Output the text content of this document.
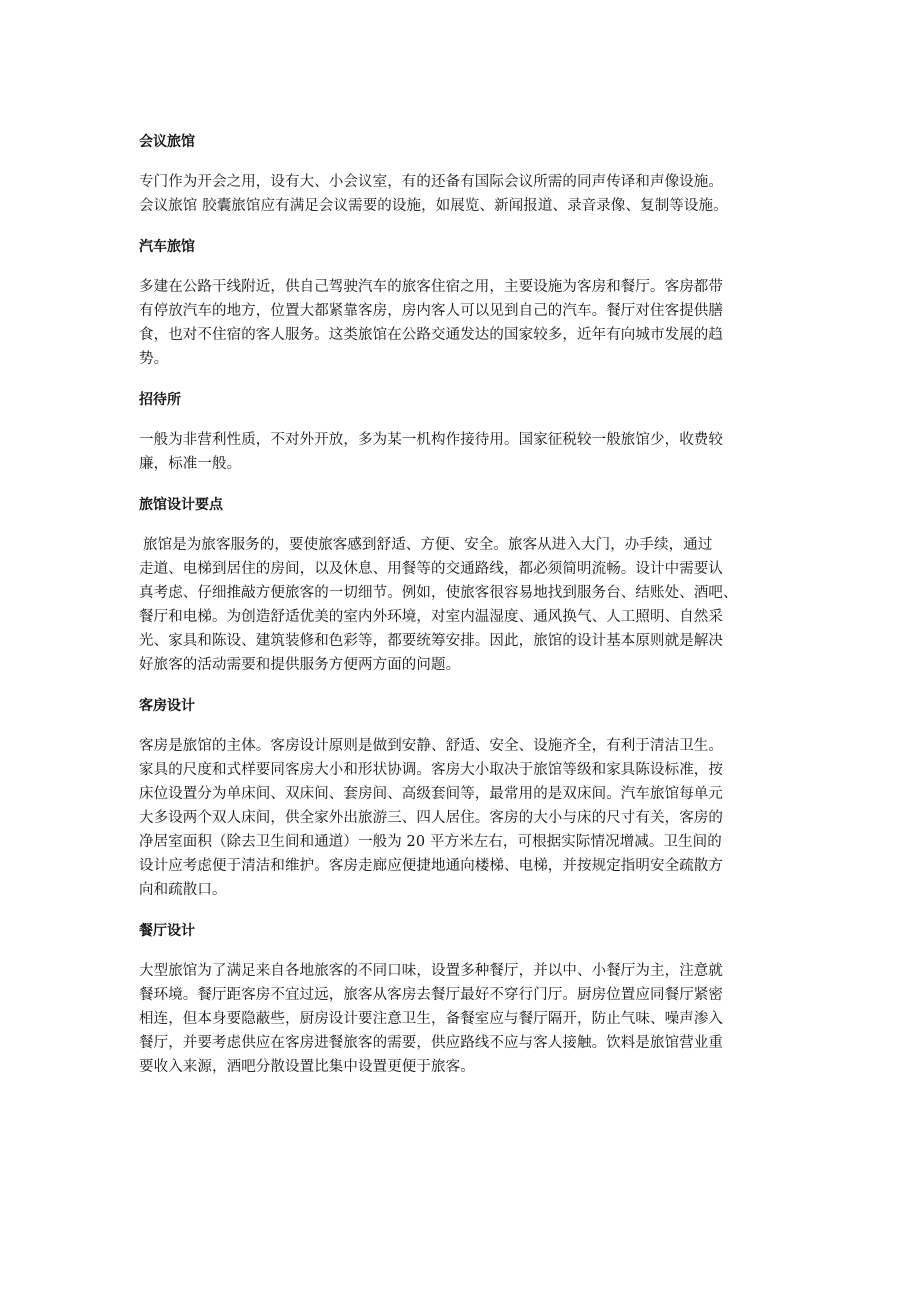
会议旅馆
专门作为开会之用，设有大、小会议室，有的还备有国际会议所需的同声传译和声像设施。
会议旅馆 胶囊旅馆应有满足会议需要的设施，如展览、新闻报道、录音录像、复制等设施。
汽车旅馆
多建在公路干线附近，供自己驾驶汽车的旅客住宿之用，主要设施为客房和餐厅。客房都带
有停放汽车的地方，位置大都紧靠客房，房内客人可以见到自己的汽车。餐厅对住客提供膳
食，也对不住宿的客人服务。这类旅馆在公路交通发达的国家较多，近年有向城市发展的趋
势。
招待所
一般为非营利性质，不对外开放，多为某一机构作接待用。国家征税较一般旅馆少，收费较
廉，标准一般。
旅馆设计要点
旅馆是为旅客服务的，要使旅客感到舒适、方便、安全。旅客从进入大门，办手续，通过
走道、电梯到居住的房间，以及休息、用餐等的交通路线，都必须简明流畅。设计中需要认
真考虑、仔细推敲方便旅客的一切细节。例如，使旅客很容易地找到服务台、结账处、酒吧、
餐厅和电梯。为创造舒适优美的室内外环境，对室内温湿度、通风换气、人工照明、自然采
光、家具和陈设、建筑装修和色彩等，都要统筹安排。因此，旅馆的设计基本原则就是解决
好旅客的活动需要和提供服务方便两方面的问题。
客房设计
客房是旅馆的主体。客房设计原则是做到安静、舒适、安全、设施齐全，有利于清洁卫生。
家具的尺度和式样要同客房大小和形状协调。客房大小取决于旅馆等级和家具陈设标准，按
床位设置分为单床间、双床间、套房间、高级套间等，最常用的是双床间。汽车旅馆每单元
大多设两个双人床间，供全家外出旅游三、四人居住。客房的大小与床的尺寸有关，客房的
净居室面积（除去卫生间和通道）一般为 20 平方米左右，可根据实际情况增减。卫生间的
设计应考虑便于清洁和维护。客房走廊应便捷地通向楼梯、电梯，并按规定指明安全疏散方
向和疏散口。
餐厅设计
大型旅馆为了满足来自各地旅客的不同口味，设置多种餐厅，并以中、小餐厅为主，注意就
餐环境。餐厅距客房不宜过远，旅客从客房去餐厅最好不穿行门厅。厨房位置应同餐厅紧密
相连，但本身要隐蔽些，厨房设计要注意卫生，备餐室应与餐厅隔开，防止气味、噪声渗入
餐厅，并要考虑供应在客房进餐旅客的需要，供应路线不应与客人接触。饮料是旅馆营业重
要收入来源，酒吧分散设置比集中设置更便于旅客。
